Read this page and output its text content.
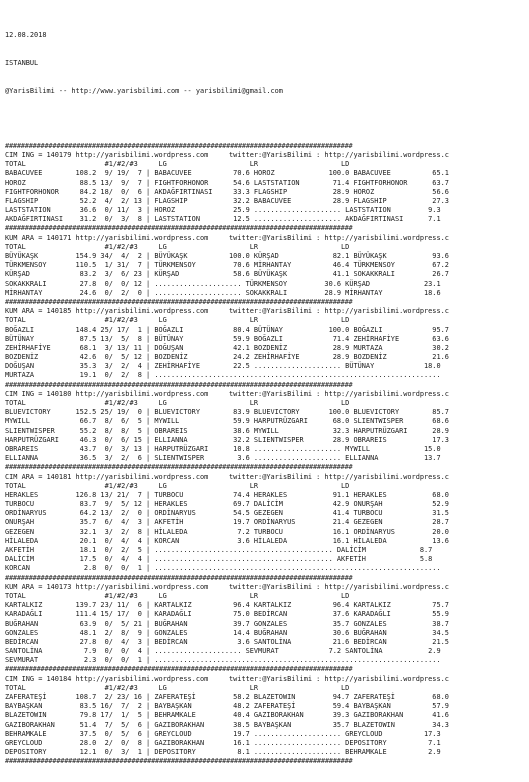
12.08.2018

ISTANBUL

@YarisBilimi -- http://www.yarisbilimi.com -- yarisbilimi@gmail.com

########################################################################################
CIM ING = 140179 http://yarisbilimi.wordpress.com     twitter:@YarisBilimi : http://yarisbilimi.wordpress.c
TOTAL                   #1/#2/#3     LG                    LR                    LD
BABACUVEE        108.2  9/ 19/  7 | BABACUVEE          70.6 HOROZ             100.0 BABACUVEE          65.1
HOROZ             88.5 13/  9/  7 | FIGHTFORHONOR      54.6 LASTSTATION        71.4 FIGHTFORHONOR      63.7
FIGHTFORHONOR     84.2 18/  0/  6 | AKDAĞFIRTINASI     33.3 FLAGSHIP           28.9 HOROZ              56.6
FLAGSHIP          52.2  4/  2/ 13 | FLAGSHIP           32.2 BABACUVEE          28.9 FLAGSHIP           27.3
LASTSTATION       36.6  0/ 11/  3 | HOROZ              25.9 ..................... LASTSTATION         9.3
AKDAĞFIRTINASI    31.2  0/  3/  8 | LASTSTATION        12.5 ..................... AKDAĞFIRTINASI      7.1
########################################################################################
KUM ARA = 140171 http://yarisbilimi.wordpress.com     twitter:@YarisBilimi : http://yarisbilimi.wordpress.c
TOTAL                   #1/#2/#3     LG                    LR                    LD
BÜYÜKAŞK         154.9 34/  4/  2 | BÜYÜKAŞK          100.0 KÜRŞAD             82.1 BÜYÜKAŞK           93.6
TÜRKMENSOY       110.5  1/ 31/  7 | TÜRKMENSOY         70.6 MİRHANTAY          46.4 TÜRKMENSOY         67.2
KÜRŞAD            83.2  3/  6/ 23 | KÜRŞAD             58.6 BÜYÜKAŞK           41.1 SOKAKKRALI         26.7
SOKAKKRALI        27.8  0/  0/ 12 | ..................... TÜRKMENSOY         30.6 KÜRŞAD             23.1
MİRHANTAY         24.6  0/  2/  0 | ..................... SOKAKKRALI         28.9 MİRHANTAY          18.6
########################################################################################
KUM ARA = 140185 http://yarisbilimi.wordpress.com     twitter:@YarisBilimi : http://yarisbilimi.wordpress.c
TOTAL                   #1/#2/#3     LG                    LR                    LD
BOĞAZLI          148.4 25/ 17/  1 | BOĞAZLI            80.4 BÜTÜNAY           100.0 BOĞAZLI            95.7
BÜTÜNAY           87.5 13/  5/  8 | BÜTÜNAY            59.9 BOĞAZLI            71.4 ZEHİRHAFİYE        63.6
ZEHİRHAFİYE       68.1  3/ 13/ 11 | DOĞUŞAN            42.1 BOZDENİZ           28.9 MURTAZA            30.2
BOZDENİZ          42.6  0/  5/ 12 | BOZDENİZ           24.2 ZEHİRHAFİYE        28.9 BOZDENİZ           21.6
DOĞUŞAN           35.3  3/  2/  4 | ZEHİRHAFİYE        22.5 ..................... BÜTÜNAY            18.0
MURTAZA           19.1  0/  2/  8 | .....................................................................
########################################################################################
CIM ING = 140180 http://yarisbilimi.wordpress.com     twitter:@YarisBilimi : http://yarisbilimi.wordpress.c
TOTAL                   #1/#2/#3     LG                    LR                    LD
BLUEVICTORY      152.5 25/ 19/  0 | BLUEVICTORY        83.9 BLUEVICTORY       100.0 BLUEVICTORY        85.7
MYWILL            66.7  8/  6/  5 | MYWILL             59.9 HARPUTRÜZGARI      68.0 SLIENTWISPER       68.6
SLIENTWISPER      55.2  8/  8/  5 | OBRAREIS           38.6 MYWILL             32.3 HARPUTRÜZGARI      28.9
HARPUTRÜZGARI     46.3  0/  6/ 15 | ELLIANNA           32.2 SLIENTWISPER       28.9 OBRAREIS           17.3
OBRAREIS          43.7  0/  3/ 13 | HARPUTRÜZGARI      10.8 ..................... MYWILL             15.0
ELLIANNA          36.5  3/  2/  6 | SLIENTWISPER        3.6 ..................... ELLIANNA           13.7
########################################################################################
CIM ARA = 140181 http://yarisbilimi.wordpress.com     twitter:@YarisBilimi : http://yarisbilimi.wordpress.c
TOTAL                   #1/#2/#3     LG                    LR                    LD
HERAKLES         126.8 13/ 21/  7 | TURBOCU            74.4 HERAKLES           91.1 HERAKLES           68.0
TURBOCU           83.7  9/  5/ 12 | HERAKLES           69.7 DALİCİM            42.9 ONURŞAH            52.9
ORDİNARYUS        64.2 13/  2/  0 | ORDİNARYUS         54.5 GEZEGEN            41.4 TURBOCU            31.5
ONURŞAH           35.7  6/  4/  3 | AKFETİH            19.7 ORDİNARYUS         21.4 GEZEGEN            28.7
GEZEGEN           32.1  3/  2/  8 | HİLALEDA            7.2 TURBOCU            16.1 ORDİNARYUS         20.0
HİLALEDA          20.1  0/  4/  4 | KORCAN              3.6 HİLALEDA           16.1 HİLALEDA           13.6
AKFETİH           18.1  0/  2/  5 | ........................................... DALİCİM             8.7
DALİCİM           17.5  0/  4/  4 | ........................................... AKFETİH             5.8
KORCAN             2.8  0/  0/  1 | .....................................................................
########################################################################################
KUM ARA = 140173 http://yarisbilimi.wordpress.com     twitter:@YarisBilimi : http://yarisbilimi.wordpress.c
TOTAL                   #1/#2/#3     LG                    LR                    LD
KARTALKIZ        139.7 23/ 11/  6 | KARTALKIZ          96.4 KARTALKIZ          96.4 KARTALKIZ          75.7
KARADAĞLI        111.4 15/ 17/  0 | KARADAĞLI          75.0 BEDİRCAN           37.6 KARADAĞLI          55.9
BUĞRAHAN          63.9  0/  5/ 21 | BUĞRAHAN           39.7 GONZALES           35.7 GONZALES           38.7
GONZALES          48.1  2/  8/  9 | GONZALES           14.4 BUĞRAHAN           30.6 BUĞRAHAN           34.5
BEDİRCAN          27.8  0/  4/  3 | BEDİRCAN            3.6 SANTOLİNA          21.6 BEDİRCAN           21.5
SANTOLİNA          7.9  0/  0/  4 | ..................... SEVMURAT            7.2 SANTOLİNA           2.9
SEVMURAT           2.3  0/  0/  1 | .....................................................................
########################################################################################
CIM ING = 140184 http://yarisbilimi.wordpress.com     twitter:@YarisBilimi : http://yarisbilimi.wordpress.c
TOTAL                   #1/#2/#3     LG                    LR                    LD
ZAFERATEŞİ       108.7  2/ 23/ 16 | ZAFERATEŞİ         58.2 BLAZETOWIN         94.7 ZAFERATEŞİ         68.0
BAYBAŞKAN         83.5 16/  7/  2 | BAYBAŞKAN          48.2 ZAFERATEŞİ         59.4 BAYBAŞKAN          57.9
BLAZETOWIN        79.8 17/  1/  5 | BEHRAMKALE         40.4 GAZIBORAKHAN       39.3 GAZIBORAKHAN       41.6
GAZIBORAKHAN      51.4  7/  5/  6 | GAZIBORAKHAN       38.5 BAYBAŞKAN          35.7 BLAZETOWIN         34.3
BEHRAMKALE        37.5  0/  5/  6 | GREYCLOUD          19.7 ..................... GREYCLOUD          17.3
GREYCLOUD         28.0  2/  0/  8 | GAZIBORAKHAN       16.1 ..................... DEPOSITORY          7.1
DEPOSITORY        12.1  0/  3/  1 | DEPOSITORY          8.1 ..................... BEHRAMKALE          2.9
########################################################################################
